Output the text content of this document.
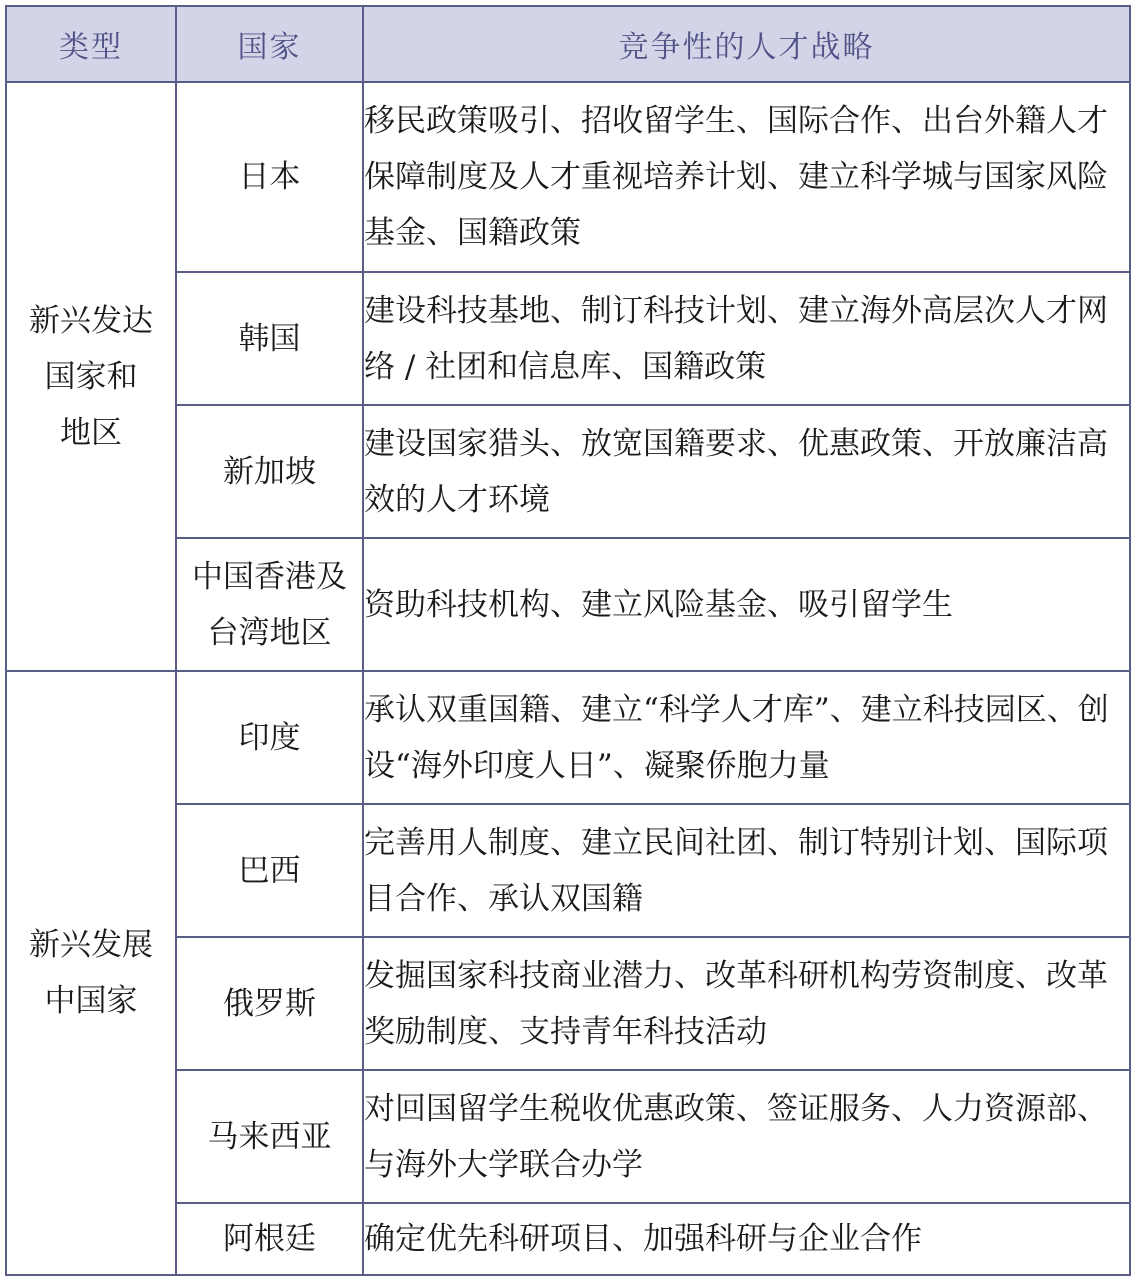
类型	国家	竞争性的人才战略

新兴发达
国家和
地区	日本	移民政策吸引、招收留学生、国际合作、出台外籍人才保障制度及人才重视培养计划、建立科学城与国家风险基金、国籍政策
	韩国	建设科技基地、制订科技计划、建立海外高层次人才网络 / 社团和信息库、国籍政策
	新加坡	建设国家猎头、放宽国籍要求、优惠政策、开放廉洁高效的人才环境
	中国香港及台湾地区	资助科技机构、建立风险基金、吸引留学生

新兴发展
中国家	印度	承认双重国籍、建立“科学人才库”、建立科技园区、创设“海外印度人日”、凝聚侨胞力量
	巴西	完善用人制度、建立民间社团、制订特别计划、国际项目合作、承认双国籍
	俄罗斯	发掘国家科技商业潜力、改革科研机构劳资制度、改革奖励制度、支持青年科技活动
	马来西亚	对回国留学生税收优惠政策、签证服务、人力资源部、与海外大学联合办学
	阿根廷	确定优先科研项目、加强科研与企业合作
